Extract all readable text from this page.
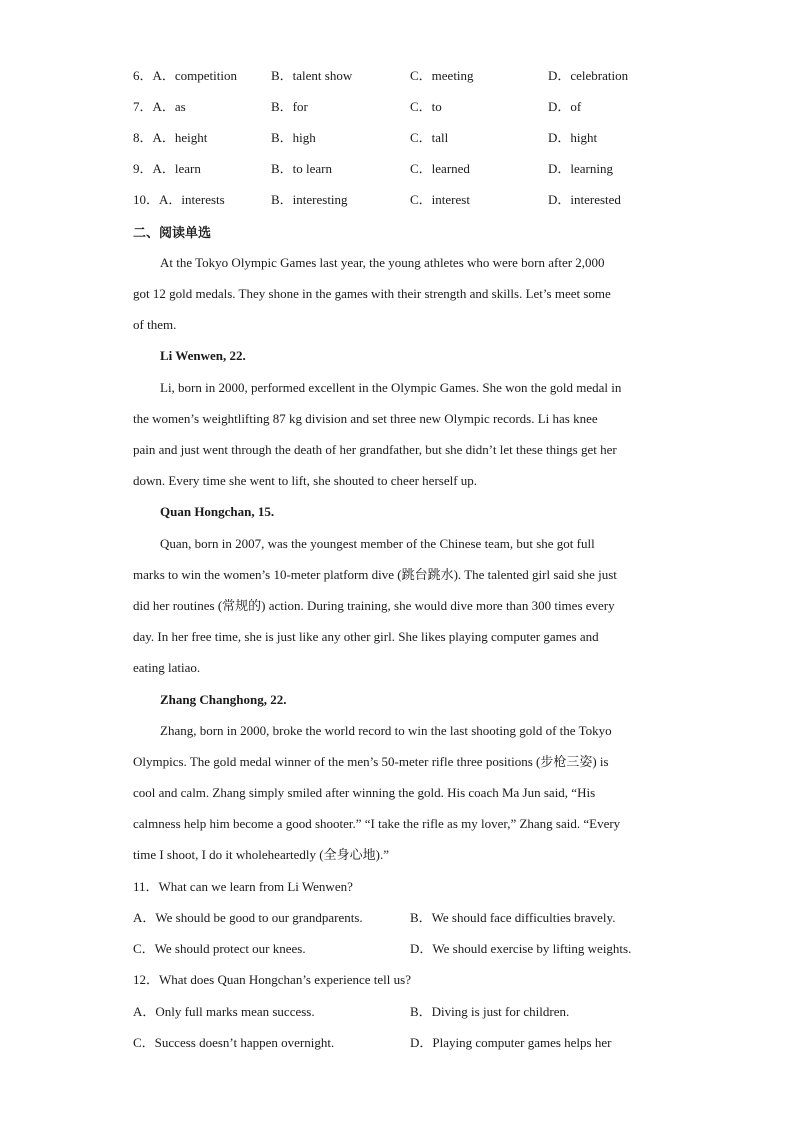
6．A．competition	B．talent show	C．meeting	D．celebration
7．A．as	B．for	C．to	D．of
8．A．height	B．high	C．tall	D．hight
9．A．learn	B．to learn	C．learned	D．learning
10．A．interests	B．interesting	C．interest	D．interested
二、阅读单选
At the Tokyo Olympic Games last year, the young athletes who were born after 2,000
got 12 gold medals. They shone in the games with their strength and skills. Let’s meet some
of them.
Li Wenwen, 22.
Li, born in 2000, performed excellent in the Olympic Games. She won the gold medal in
the women’s weightlifting 87 kg division and set three new Olympic records. Li has knee
pain and just went through the death of her grandfather, but she didn’t let these things get her
down. Every time she went to lift, she shouted to cheer herself up.
Quan Hongchan, 15.
Quan, born in 2007, was the youngest member of the Chinese team, but she got full
marks to win the women’s 10-meter platform dive (跳台跳水). The talented girl said she just
did her routines (常规的) action. During training, she would dive more than 300 times every
day. In her free time, she is just like any other girl. She likes playing computer games and
eating latiao.
Zhang Changhong, 22.
Zhang, born in 2000, broke the world record to win the last shooting gold of the Tokyo
Olympics. The gold medal winner of the men’s 50-meter rifle three positions (步枪三姿) is
cool and calm. Zhang simply smiled after winning the gold. His coach Ma Jun said, “His
calmness help him become a good shooter.” “I take the rifle as my lover,” Zhang said. “Every
time I shoot, I do it wholeheartedly (全身心地).”
11．What can we learn from Li Wenwen?
A．We should be good to our grandparents.	B．We should face difficulties bravely.
C．We should protect our knees.	D．We should exercise by lifting weights.
12．What does Quan Hongchan’s experience tell us?
A．Only full marks mean success.	B．Diving is just for children.
C．Success doesn’t happen overnight.	D．Playing computer games helps her
